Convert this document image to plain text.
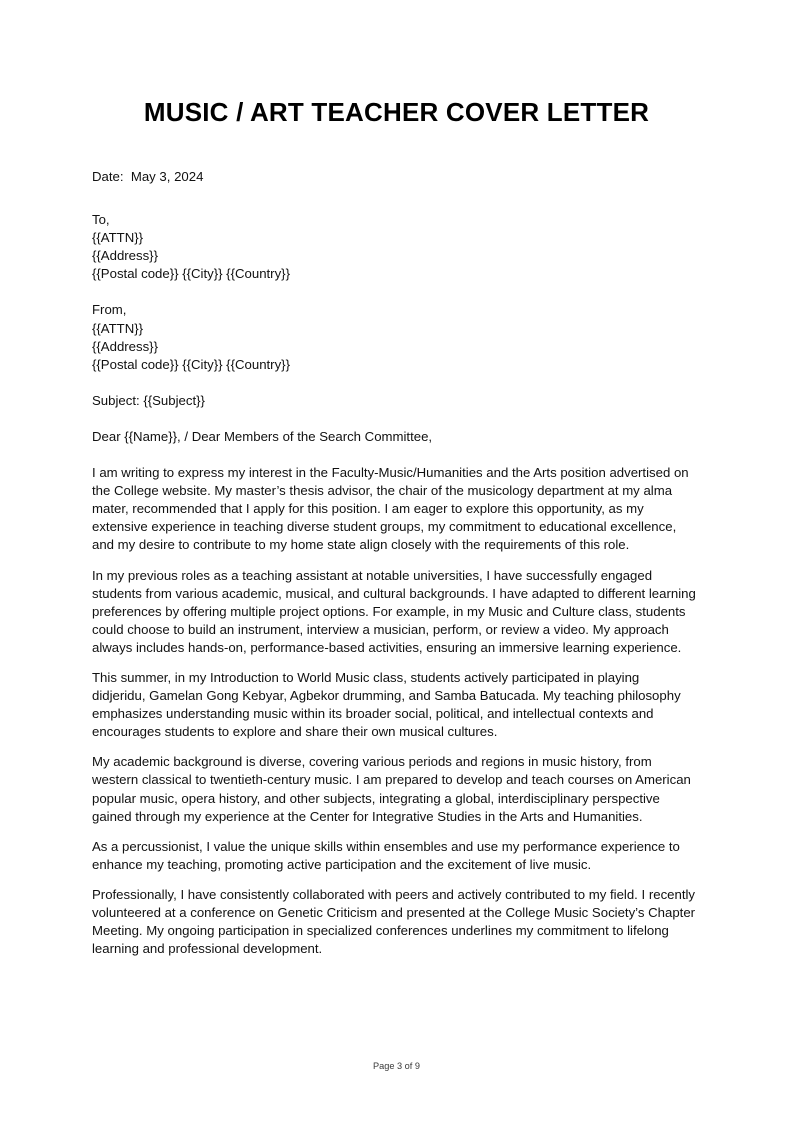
MUSIC / ART TEACHER COVER LETTER
Date:  May 3, 2024
To,
{{ATTN}}
{{Address}}
{{Postal code}} {{City}} {{Country}}
From,
{{ATTN}}
{{Address}}
{{Postal code}} {{City}} {{Country}}
Subject: {{Subject}}
Dear {{Name}}, / Dear Members of the Search Committee,

I am writing to express my interest in the Faculty-Music/Humanities and the Arts position advertised on the College website. My master’s thesis advisor, the chair of the musicology department at my alma mater, recommended that I apply for this position. I am eager to explore this opportunity, as my extensive experience in teaching diverse student groups, my commitment to educational excellence, and my desire to contribute to my home state align closely with the requirements of this role.

In my previous roles as a teaching assistant at notable universities, I have successfully engaged students from various academic, musical, and cultural backgrounds. I have adapted to different learning preferences by offering multiple project options. For example, in my Music and Culture class, students could choose to build an instrument, interview a musician, perform, or review a video. My approach always includes hands-on, performance-based activities, ensuring an immersive learning experience.

This summer, in my Introduction to World Music class, students actively participated in playing didjeridu, Gamelan Gong Kebyar, Agbekor drumming, and Samba Batucada. My teaching philosophy emphasizes understanding music within its broader social, political, and intellectual contexts and encourages students to explore and share their own musical cultures.

My academic background is diverse, covering various periods and regions in music history, from western classical to twentieth-century music. I am prepared to develop and teach courses on American popular music, opera history, and other subjects, integrating a global, interdisciplinary perspective gained through my experience at the Center for Integrative Studies in the Arts and Humanities.

As a percussionist, I value the unique skills within ensembles and use my performance experience to enhance my teaching, promoting active participation and the excitement of live music.

Professionally, I have consistently collaborated with peers and actively contributed to my field. I recently volunteered at a conference on Genetic Criticism and presented at the College Music Society’s Chapter Meeting. My ongoing participation in specialized conferences underlines my commitment to lifelong learning and professional development.

Page 3 of 9
